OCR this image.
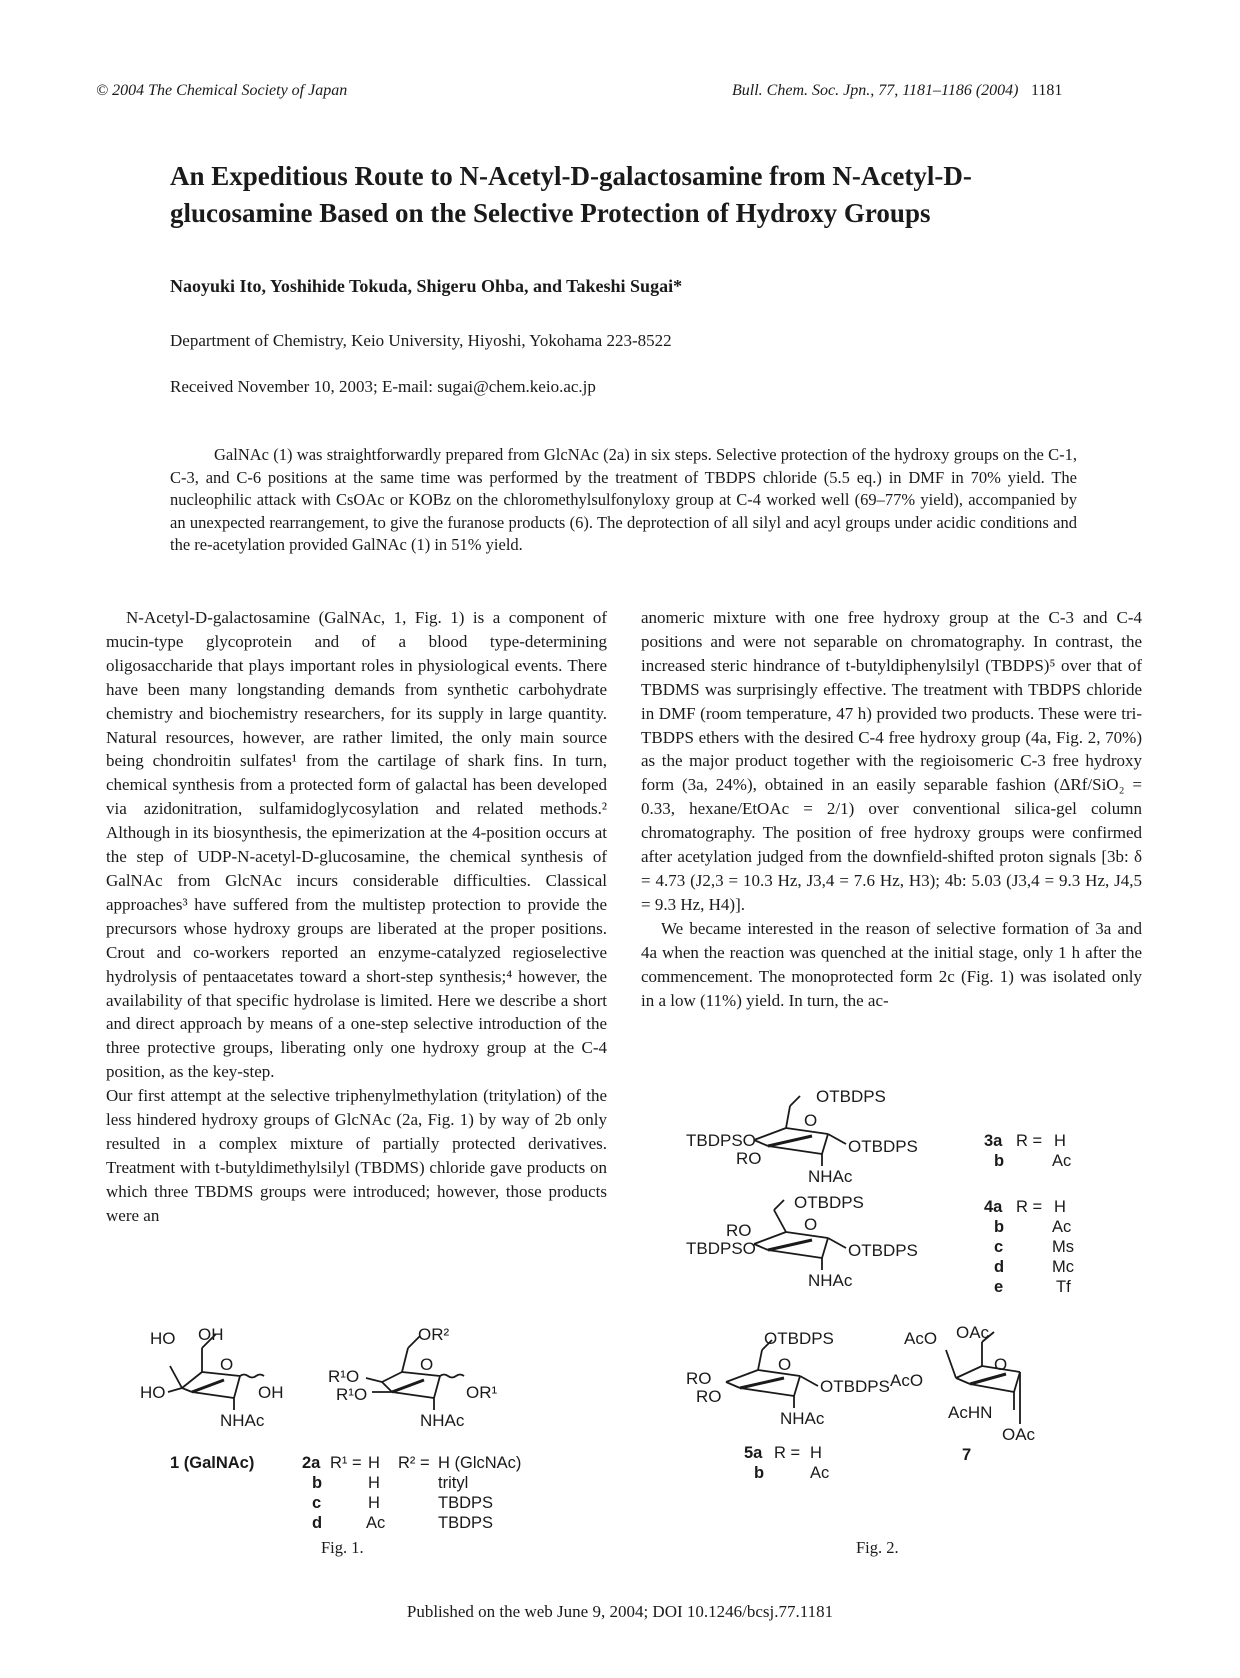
© 2004 The Chemical Society of Japan	Bull. Chem. Soc. Jpn., 77, 1181–1186 (2004) 1181
An Expeditious Route to N-Acetyl-D-galactosamine from N-Acetyl-D-glucosamine Based on the Selective Protection of Hydroxy Groups
Naoyuki Ito, Yoshihide Tokuda, Shigeru Ohba, and Takeshi Sugai*
Department of Chemistry, Keio University, Hiyoshi, Yokohama 223-8522
Received November 10, 2003; E-mail: sugai@chem.keio.ac.jp

GalNAc (1) was straightforwardly prepared from GlcNAc (2a) in six steps. Selective protection of the hydroxy groups on the C-1, C-3, and C-6 positions at the same time was performed by the treatment of TBDPS chloride (5.5 eq.) in DMF in 70% yield. The nucleophilic attack with CsOAc or KOBz on the chloromethylsulfonyloxy group at C-4 worked well (69–77% yield), accompanied by an unexpected rearrangement, to give the furanose products (6). The deprotection of all silyl and acyl groups under acidic conditions and the re-acetylation provided GalNAc (1) in 51% yield.

N-Acetyl-D-galactosamine (GalNAc, 1, Fig. 1) is a component of mucin-type glycoprotein and of a blood type-determining oligosaccharide that plays important roles in physiological events. There have been many longstanding demands from synthetic carbohydrate chemistry and biochemistry researchers, for its supply in large quantity. Natural resources, however, are rather limited, the only main source being chondroitin sulfates¹ from the cartilage of shark fins. In turn, chemical synthesis from a protected form of galactal has been developed via azidonitration, sulfamidoglycosylation and related methods.² Although in its biosynthesis, the epimerization at the 4-position occurs at the step of UDP-N-acetyl-D-glucosamine, the chemical synthesis of GalNAc from GlcNAc incurs considerable difficulties. Classical approaches³ have suffered from the multistep protection to provide the precursors whose hydroxy groups are liberated at the proper positions. Crout and co-workers reported an enzyme-catalyzed regioselective hydrolysis of pentaacetates toward a short-step synthesis;⁴ however, the availability of that specific hydrolase is limited. Here we describe a short and direct approach by means of a one-step selective introduction of the three protective groups, liberating only one hydroxy group at the C-4 position, as the key-step.
Our first attempt at the selective triphenylmethylation (tritylation) of the less hindered hydroxy groups of GlcNAc (2a, Fig. 1) by way of 2b only resulted in a complex mixture of partially protected derivatives. Treatment with t-butyldimethylsilyl (TBDMS) chloride gave products on which three TBDMS groups were introduced; however, those products were an
anomeric mixture with one free hydroxy group at the C-3 and C-4 positions and were not separable on chromatography. In contrast, the increased steric hindrance of t-butyldiphenylsilyl (TBDPS)⁵ over that of TBDMS was surprisingly effective. The treatment with TBDPS chloride in DMF (room temperature, 47 h) provided two products. These were tri-TBDPS ethers with the desired C-4 free hydroxy group (4a, Fig. 2, 70%) as the major product together with the regioisomeric C-3 free hydroxy form (3a, 24%), obtained in an easily separable fashion (ΔRf/SiO₂ = 0.33, hexane/EtOAc = 2/1) over conventional silica-gel column chromatography. The position of free hydroxy groups were confirmed after acetylation judged from the downfield-shifted proton signals [3b: δ = 4.73 (J2,3 = 10.3 Hz, J3,4 = 7.6 Hz, H3); 4b: 5.03 (J3,4 = 9.3 Hz, J4,5 = 9.3 Hz, H4)].
We became interested in the reason of selective formation of 3a and 4a when the reaction was quenched at the initial stage, only 1 h after the commencement. The monoprotected form 2c (Fig. 1) was isolated only in a low (11%) yield. In turn, the ac-
HO OH
HO	OH
O
NHAc
1 (GalNAc)
OR²
R¹O
R¹O	OR¹
O
NHAc
2a R¹ = H R² = H (GlcNAc)
b	H	trityl
c	H	TBDPS
d	Ac	TBDPS
Fig. 1.
OTBDPS
TBDPSO
RO
OTBDPS
O
NHAc
3a R = H
b	Ac
OTBDPS
RO
TBDPSO	OTBDPS
O
NHAc
4a R = H
b	Ac
c	Ms
d	Mc
e	Tf
OTBDPS
RO
RO
OTBDPS
O
NHAc
5a R = H
b	Ac
AcO OAc
AcO
AcHN
OAc
O
7
Fig. 2.
Published on the web June 9, 2004; DOI 10.1246/bcsj.77.1181
